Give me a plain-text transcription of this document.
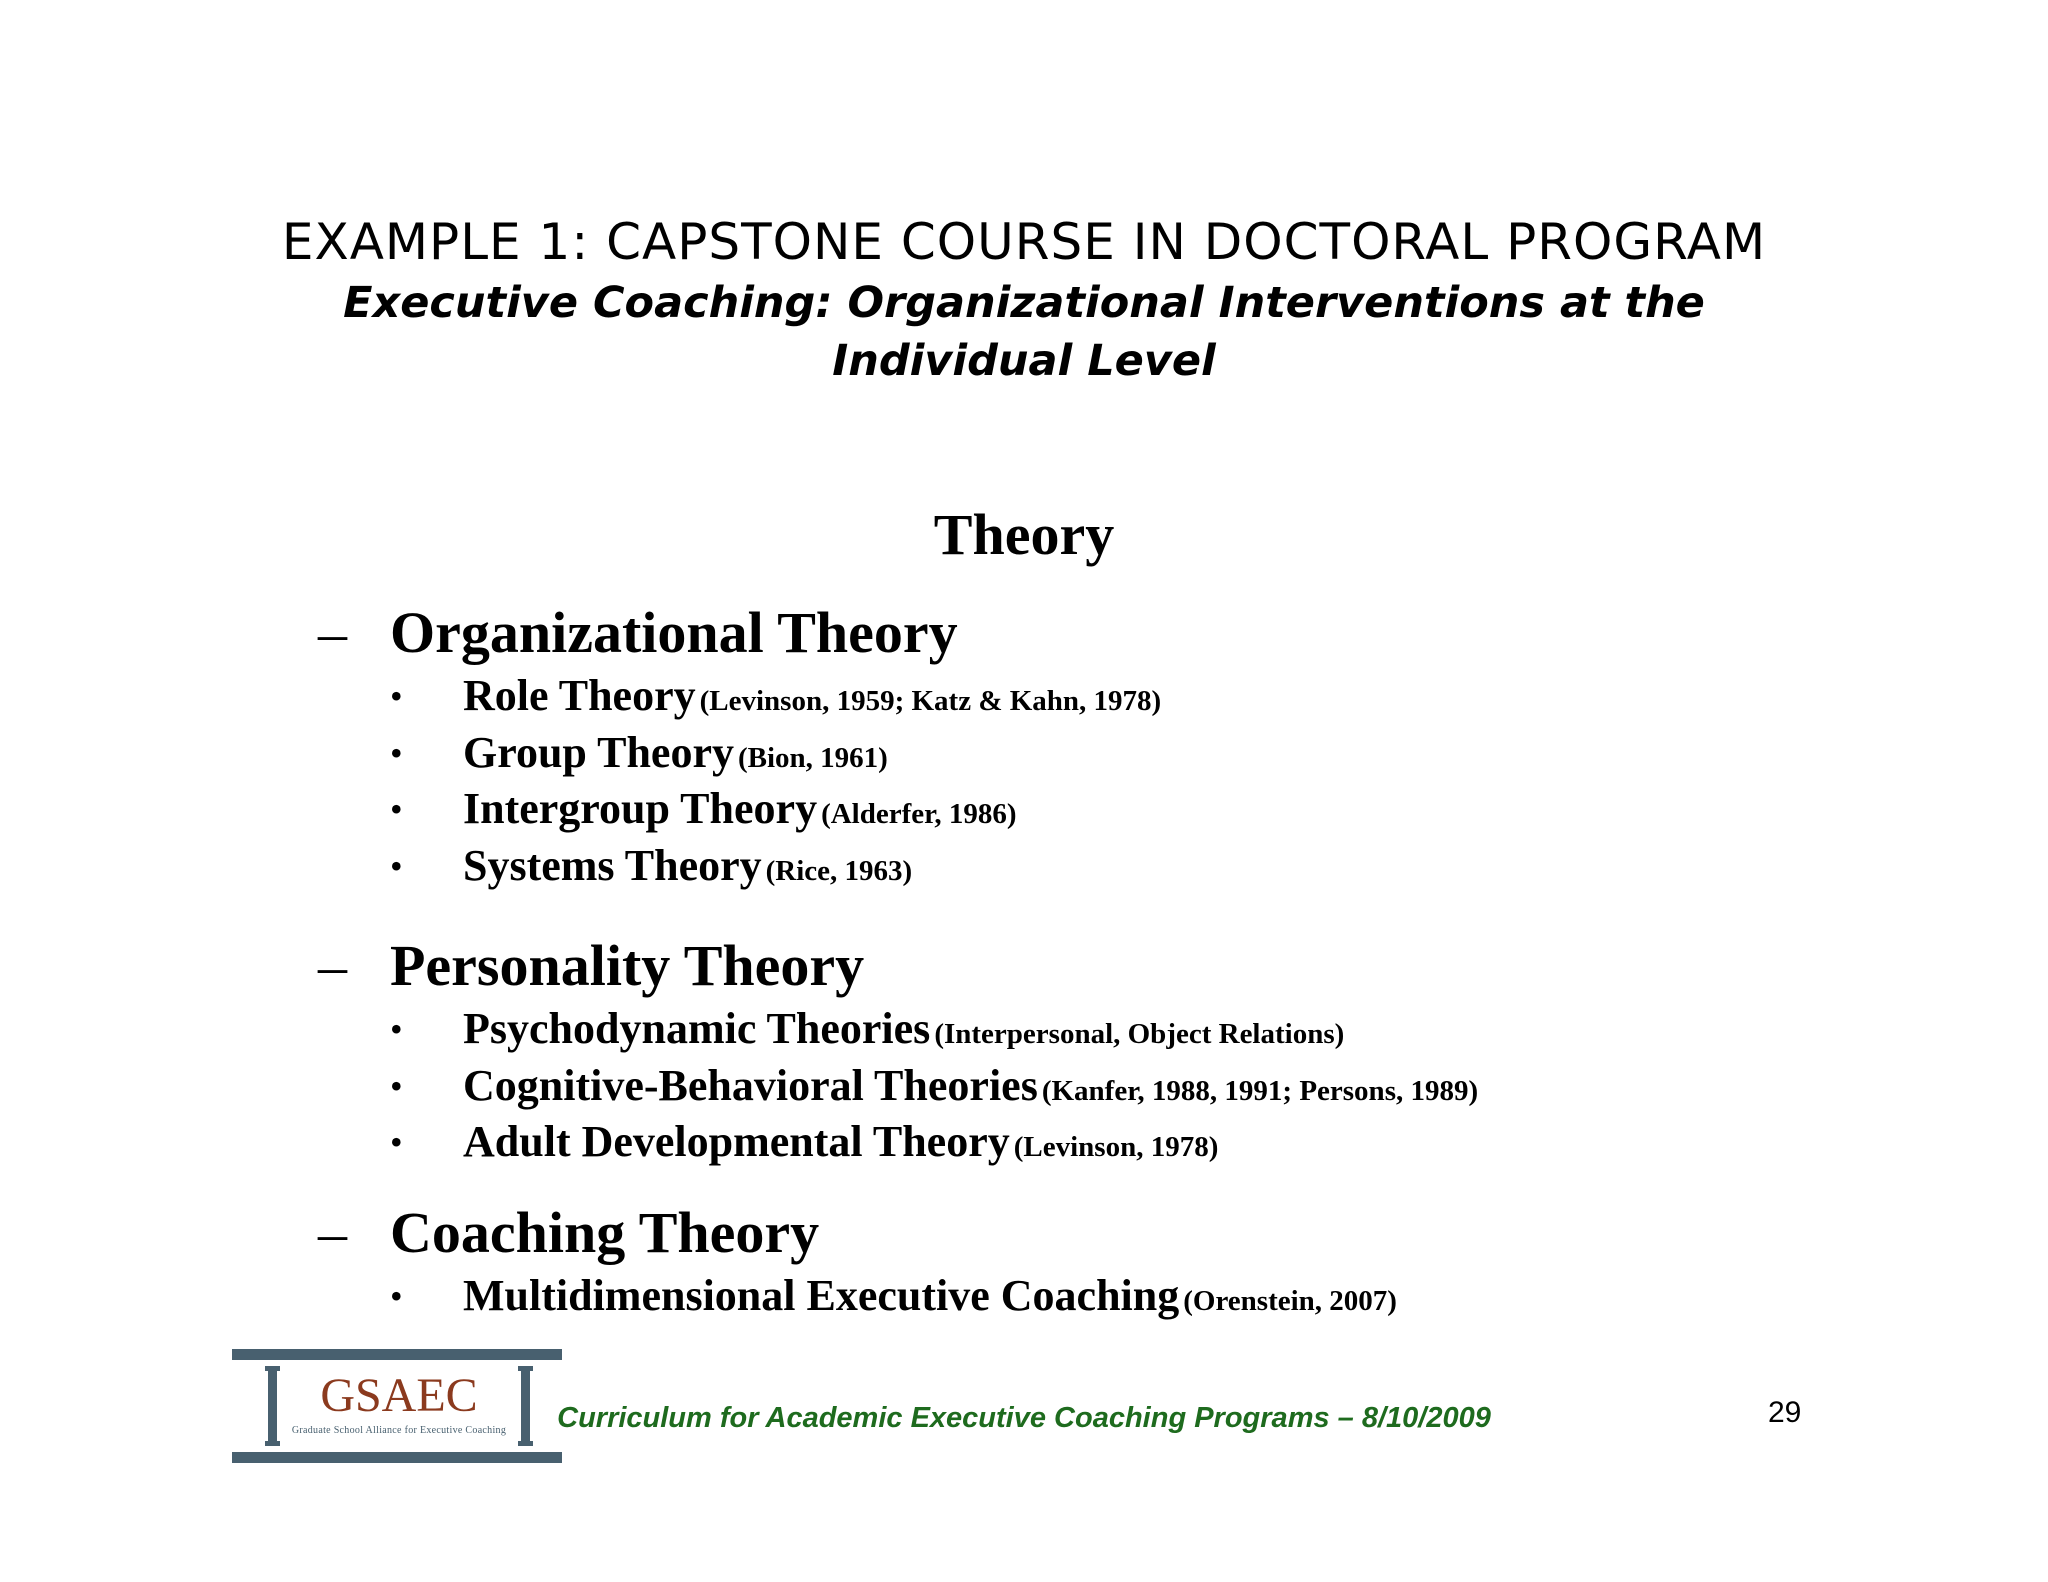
EXAMPLE 1: CAPSTONE COURSE IN DOCTORAL PROGRAM
Executive Coaching: Organizational Interventions at the Individual Level
Theory
– Organizational Theory
• Role Theory (Levinson, 1959; Katz & Kahn, 1978)
• Group Theory (Bion, 1961)
• Intergroup Theory (Alderfer, 1986)
• Systems Theory (Rice, 1963)
– Personality Theory
• Psychodynamic Theories (Interpersonal, Object Relations)
• Cognitive-Behavioral Theories (Kanfer, 1988, 1991; Persons, 1989)
• Adult Developmental Theory (Levinson, 1978)
– Coaching Theory
• Multidimensional Executive Coaching (Orenstein, 2007)
GSAEC
Graduate School Alliance for Executive Coaching	Curriculum for Academic Executive Coaching Programs – 8/10/2009	29
